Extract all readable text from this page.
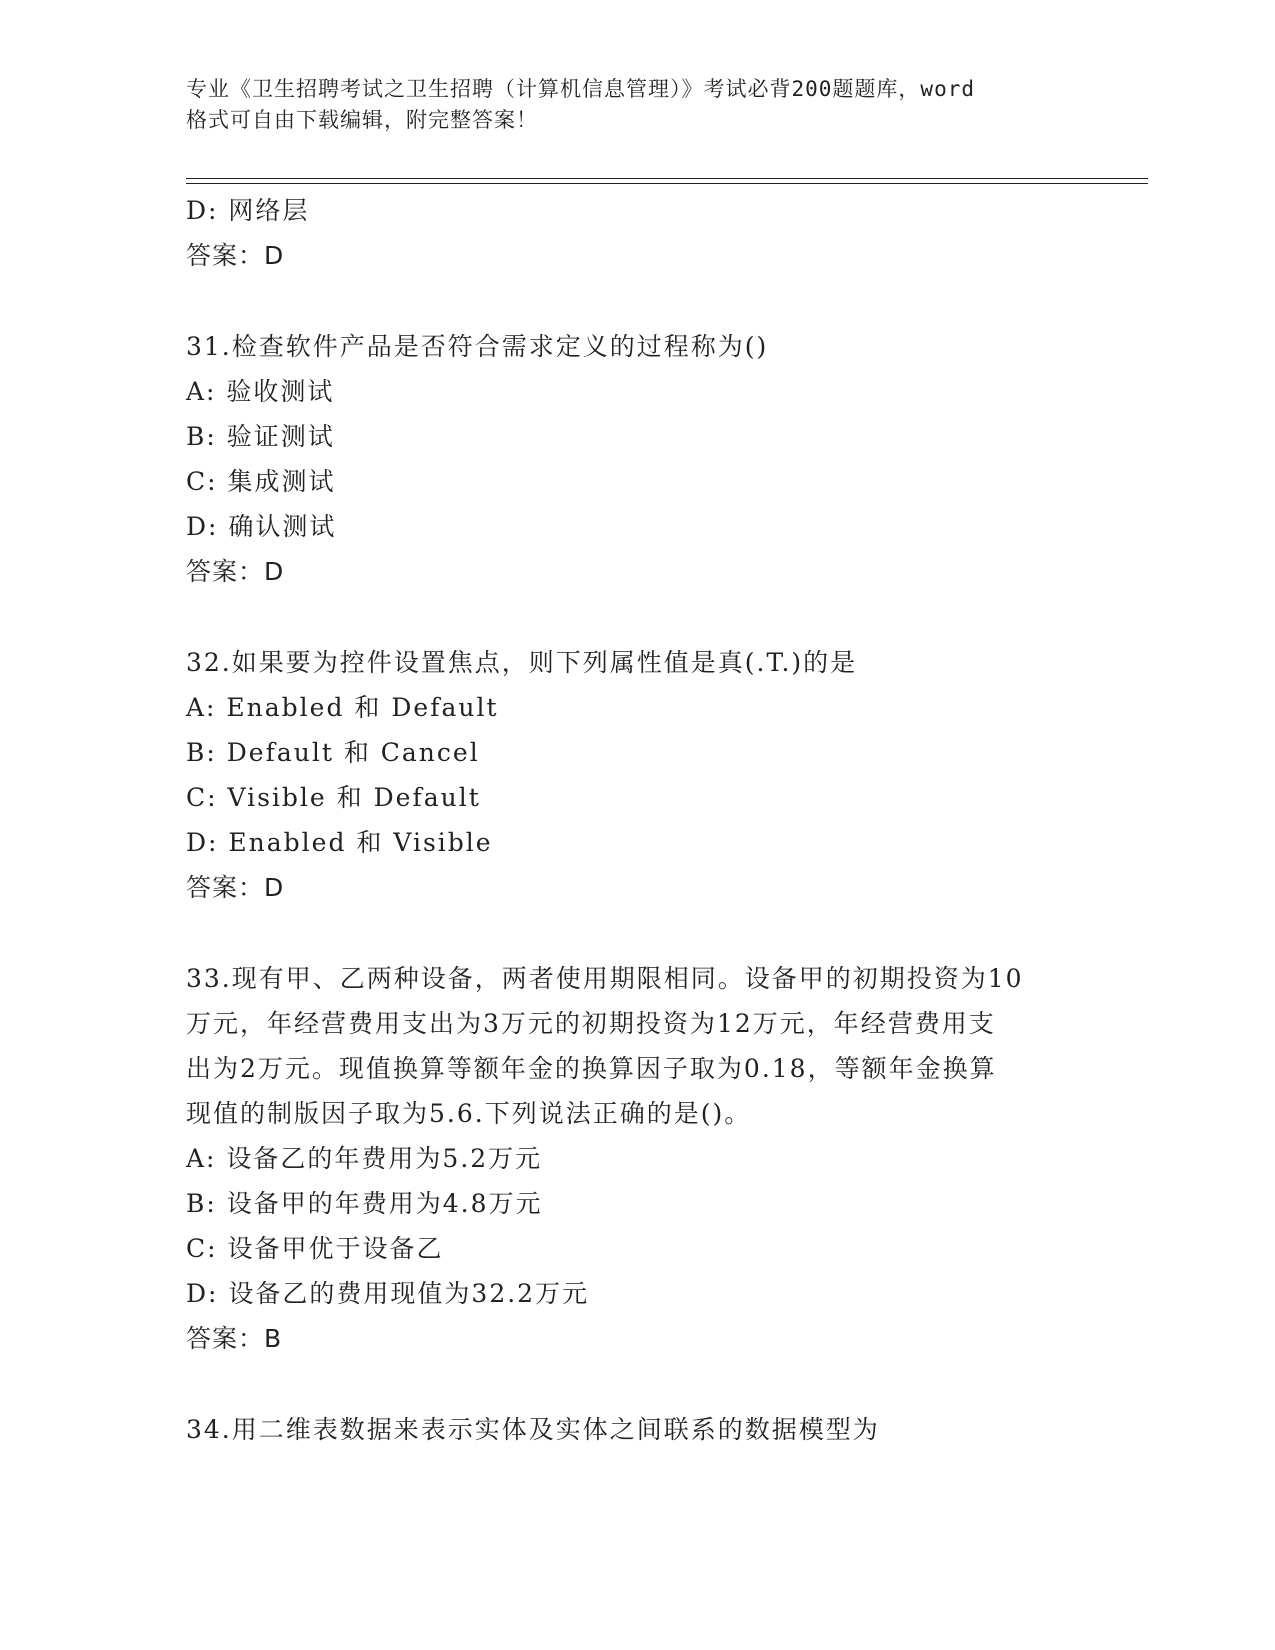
专业《卫生招聘考试之卫生招聘（计算机信息管理）》考试必背200题题库，word
格式可自由下载编辑，附完整答案！
D: 网络层
答案：D
31.检查软件产品是否符合需求定义的过程称为()
A: 验收测试
B: 验证测试
C: 集成测试
D: 确认测试
答案：D
32.如果要为控件设置焦点，则下列属性值是真(.T.)的是
A: Enabled 和 Default
B: Default 和 Cancel
C: Visible 和 Default
D: Enabled 和 Visible
答案：D
33.现有甲、乙两种设备，两者使用期限相同。设备甲的初期投资为10
万元，年经营费用支出为3万元的初期投资为12万元，年经营费用支
出为2万元。现值换算等额年金的换算因子取为0.18，等额年金换算
现值的制版因子取为5.6.下列说法正确的是()。
A: 设备乙的年费用为5.2万元
B: 设备甲的年费用为4.8万元
C: 设备甲优于设备乙
D: 设备乙的费用现值为32.2万元
答案：B
34.用二维表数据来表示实体及实体之间联系的数据模型为
